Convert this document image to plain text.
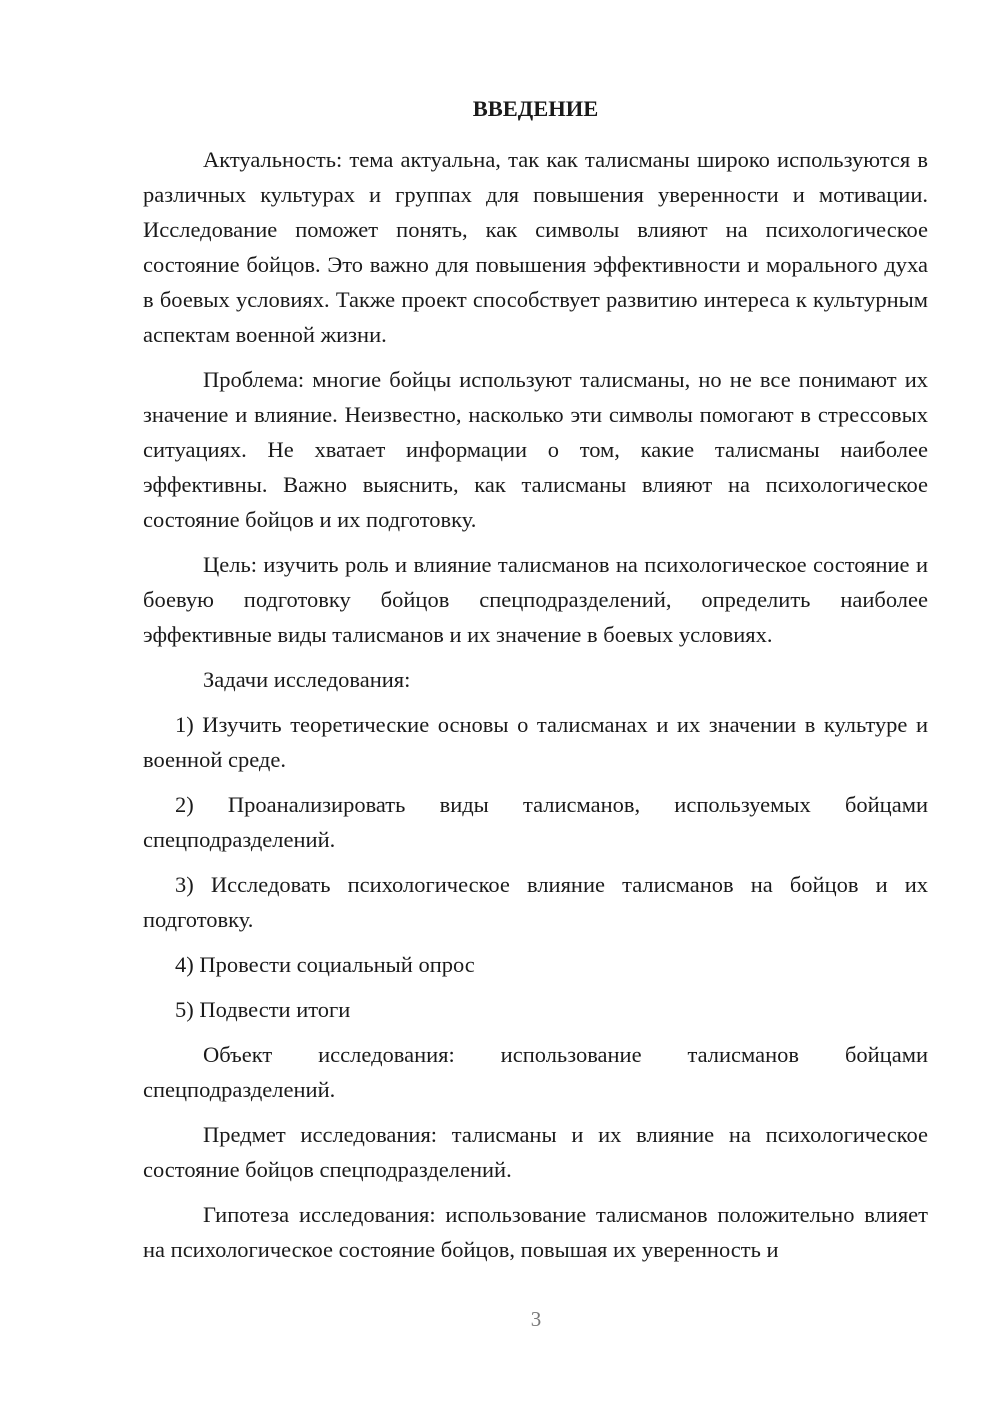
ВВЕДЕНИЕ

Актуальность: тема актуальна, так как талисманы широко используются в различных культурах и группах для повышения уверенности и мотивации. Исследование поможет понять, как символы влияют на психологическое состояние бойцов. Это важно для повышения эффективности и морального духа в боевых условиях. Также проект способствует развитию интереса к культурным аспектам военной жизни.

Проблема: многие бойцы используют талисманы, но не все понимают их значение и влияние. Неизвестно, насколько эти символы помогают в стрессовых ситуациях. Не хватает информации о том, какие талисманы наиболее эффективны. Важно выяснить, как талисманы влияют на психологическое состояние бойцов и их подготовку.

Цель: изучить роль и влияние талисманов на психологическое состояние и боевую подготовку бойцов спецподразделений, определить наиболее эффективные виды талисманов и их значение в боевых условиях.

Задачи исследования:

1) Изучить теоретические основы о талисманах и их значении в культуре и военной среде.

2) Проанализировать виды талисманов, используемых бойцами спецподразделений.

3) Исследовать психологическое влияние талисманов на бойцов и их подготовку.

4) Провести социальный опрос

5) Подвести итоги

Объект исследования: использование талисманов бойцами спецподразделений.

Предмет исследования: талисманы и их влияние на психологическое состояние бойцов спецподразделений.

Гипотеза исследования: использование талисманов положительно влияет на психологическое состояние бойцов, повышая их уверенность и

3
